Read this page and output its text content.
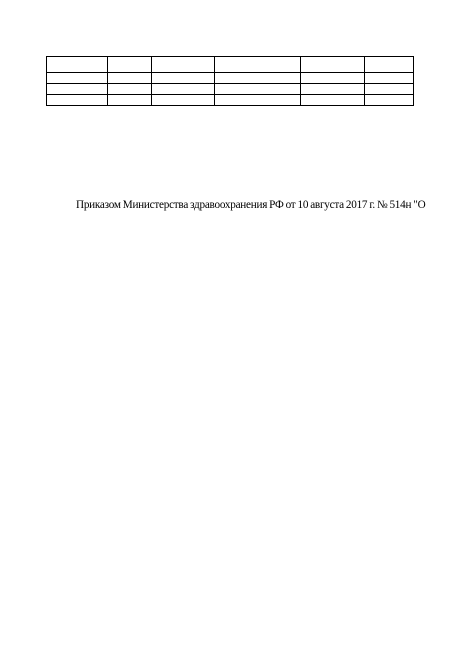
Приказом Министерства здравоохранения РФ от 10 августа 2017 г. № 514н "О
